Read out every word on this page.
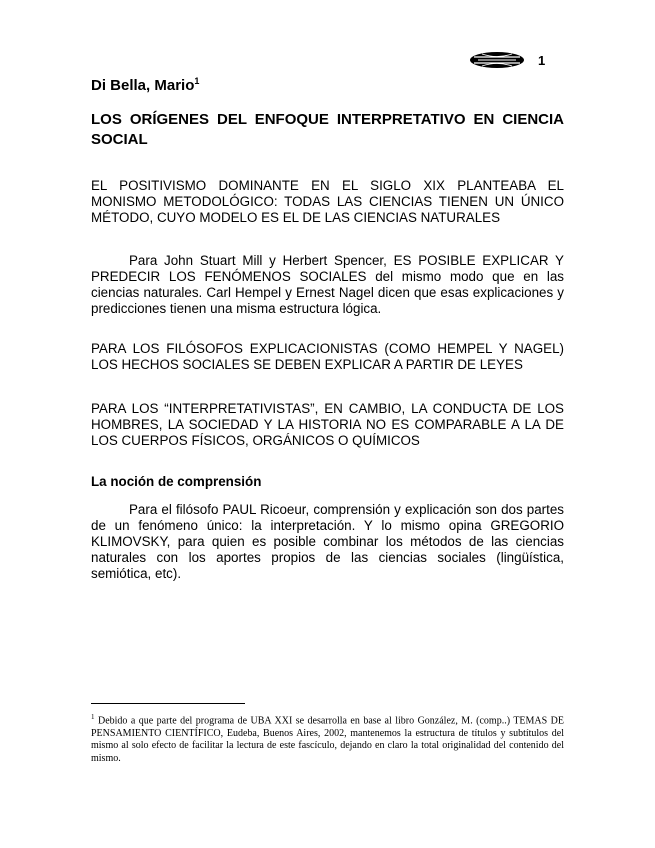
1
Di Bella, Mario$^1$
LOS ORÍGENES DEL ENFOQUE INTERPRETATIVO EN CIENCIA SOCIAL
EL POSITIVISMO DOMINANTE EN EL SIGLO XIX PLANTEABA EL MONISMO METODOLÓGICO: TODAS LAS CIENCIAS TIENEN UN ÚNICO MÉTODO, CUYO MODELO ES EL DE LAS CIENCIAS NATURALES
Para John Stuart Mill y Herbert Spencer, ES POSIBLE EXPLICAR Y PREDECIR LOS FENÓMENOS SOCIALES del mismo modo que en las ciencias naturales. Carl Hempel y Ernest Nagel dicen que esas explicaciones y predicciones tienen una misma estructura lógica.
PARA LOS FILÓSOFOS EXPLICACIONISTAS (COMO HEMPEL Y NAGEL) LOS HECHOS SOCIALES SE DEBEN EXPLICAR A PARTIR DE LEYES
PARA LOS “INTERPRETATIVISTAS”, EN CAMBIO, LA CONDUCTA DE LOS HOMBRES, LA SOCIEDAD Y LA HISTORIA NO ES COMPARABLE A LA DE LOS CUERPOS FÍSICOS, ORGÁNICOS O QUÍMICOS
La noción de comprensión
Para el filósofo PAUL Ricoeur, comprensión y explicación son dos partes de un fenómeno único: la interpretación. Y lo mismo opina GREGORIO KLIMOVSKY, para quien es posible combinar los métodos de las ciencias naturales con los aportes propios de las ciencias sociales (lingüística, semiótica, etc).
$^1$ Debido a que parte del programa de UBA XXI se desarrolla en base al libro González, M. (comp..) TEMAS DE PENSAMIENTO CIENTÍFICO, Eudeba, Buenos Aires, 2002, mantenemos la estructura de títulos y subtítulos del mismo al solo efecto de facilitar la lectura de este fascículo, dejando en claro la total originalidad del contenido del mismo.
